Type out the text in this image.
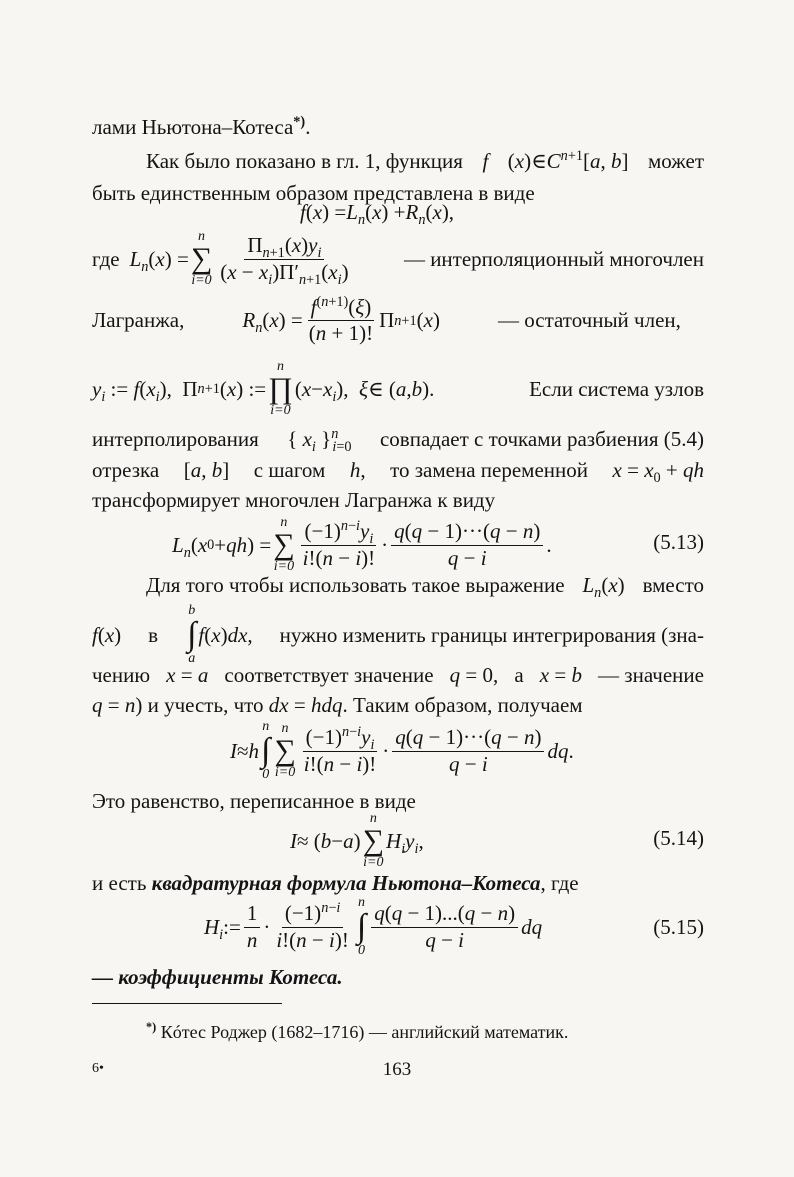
лами Ньютона–Котеса*).
Как было показано в гл. 1, функция f $(x)\in C^{n+1}[a$, b] может
быть единственным образом представлена в виде
f ( x ) = $L_n$ ( x ) + $R_n$ ( x ),
где $L_n$ ( x ) =
n
∑
$i=0 \frac{\Pi_{n+1}(x)y_i}{(x - x_i)\Pi'_{n+1}(x_i)}$ — интерполяционный многочлен
Лагранжа,	$R_n$ ( x ) = $\frac{f^{(n+1)}(\xi)}{(n + 1)!}$ Π n+1 ( x )	— остаточный член,
$y_i$ := f ( $x_i$ ),  Π n+1 ( x ) :=
n
∏
i=0
( $x - x_i$ ), ξ ∈ ( a , b ).	Если система узлов
интерполирования { $x_i$ }$^n_{i=0}$ совпадает с точками разбиения (5.4)
отрезка [a, b] с шагом h, то замена переменной $x = x_0$ + qh
трансформирует многочлен Лагранжа к виду
$L_n$ ( x 0 + qh ) =
n
∑
$i=0 \frac{(-1)^{n-i}y_i}{i!(n - i)!} \cdot \frac{q(q - 1)\cdot\cdot\cdot(q - n)}{q - i}$ .	(5.13)
Для того чтобы использовать такое выражение $L_n(x)$ вместо
f(x) в
b
∫
a
f ( x ) dx , нужно изменить границы интегрирования (зна-
чению x = a соответствует значение q = 0, а x = b — значение
q = n) и учесть, что dx = hdq. Таким образом, получаем
I ≈ h
n
∫
0
n
∑
$i=0 \frac{(-1)^{n-i}y_i}{i!(n - i)!} \cdot \frac{q(q - 1)\cdot\cdot\cdot(q - n)}{q - i}$ dq .
Это равенство, переписанное в виде
I ≈ ( b − a )
n
∑
i=0
$H_iy_i$ ,	(5.14)
и есть квадратурная формула Ньютона–Котеса, где
$H_i$ := $\frac{1}{n} \cdot \frac{(-1)^{n-i}}{i!(n - i)!}$ n
∫
$0 \frac{q(q - 1)...(q - n)}{q - i}$ dq	(5.15)
— коэффициенты Котеса.
*) Кóтес Роджер (1682–1716) — английский математик.
6•	163
